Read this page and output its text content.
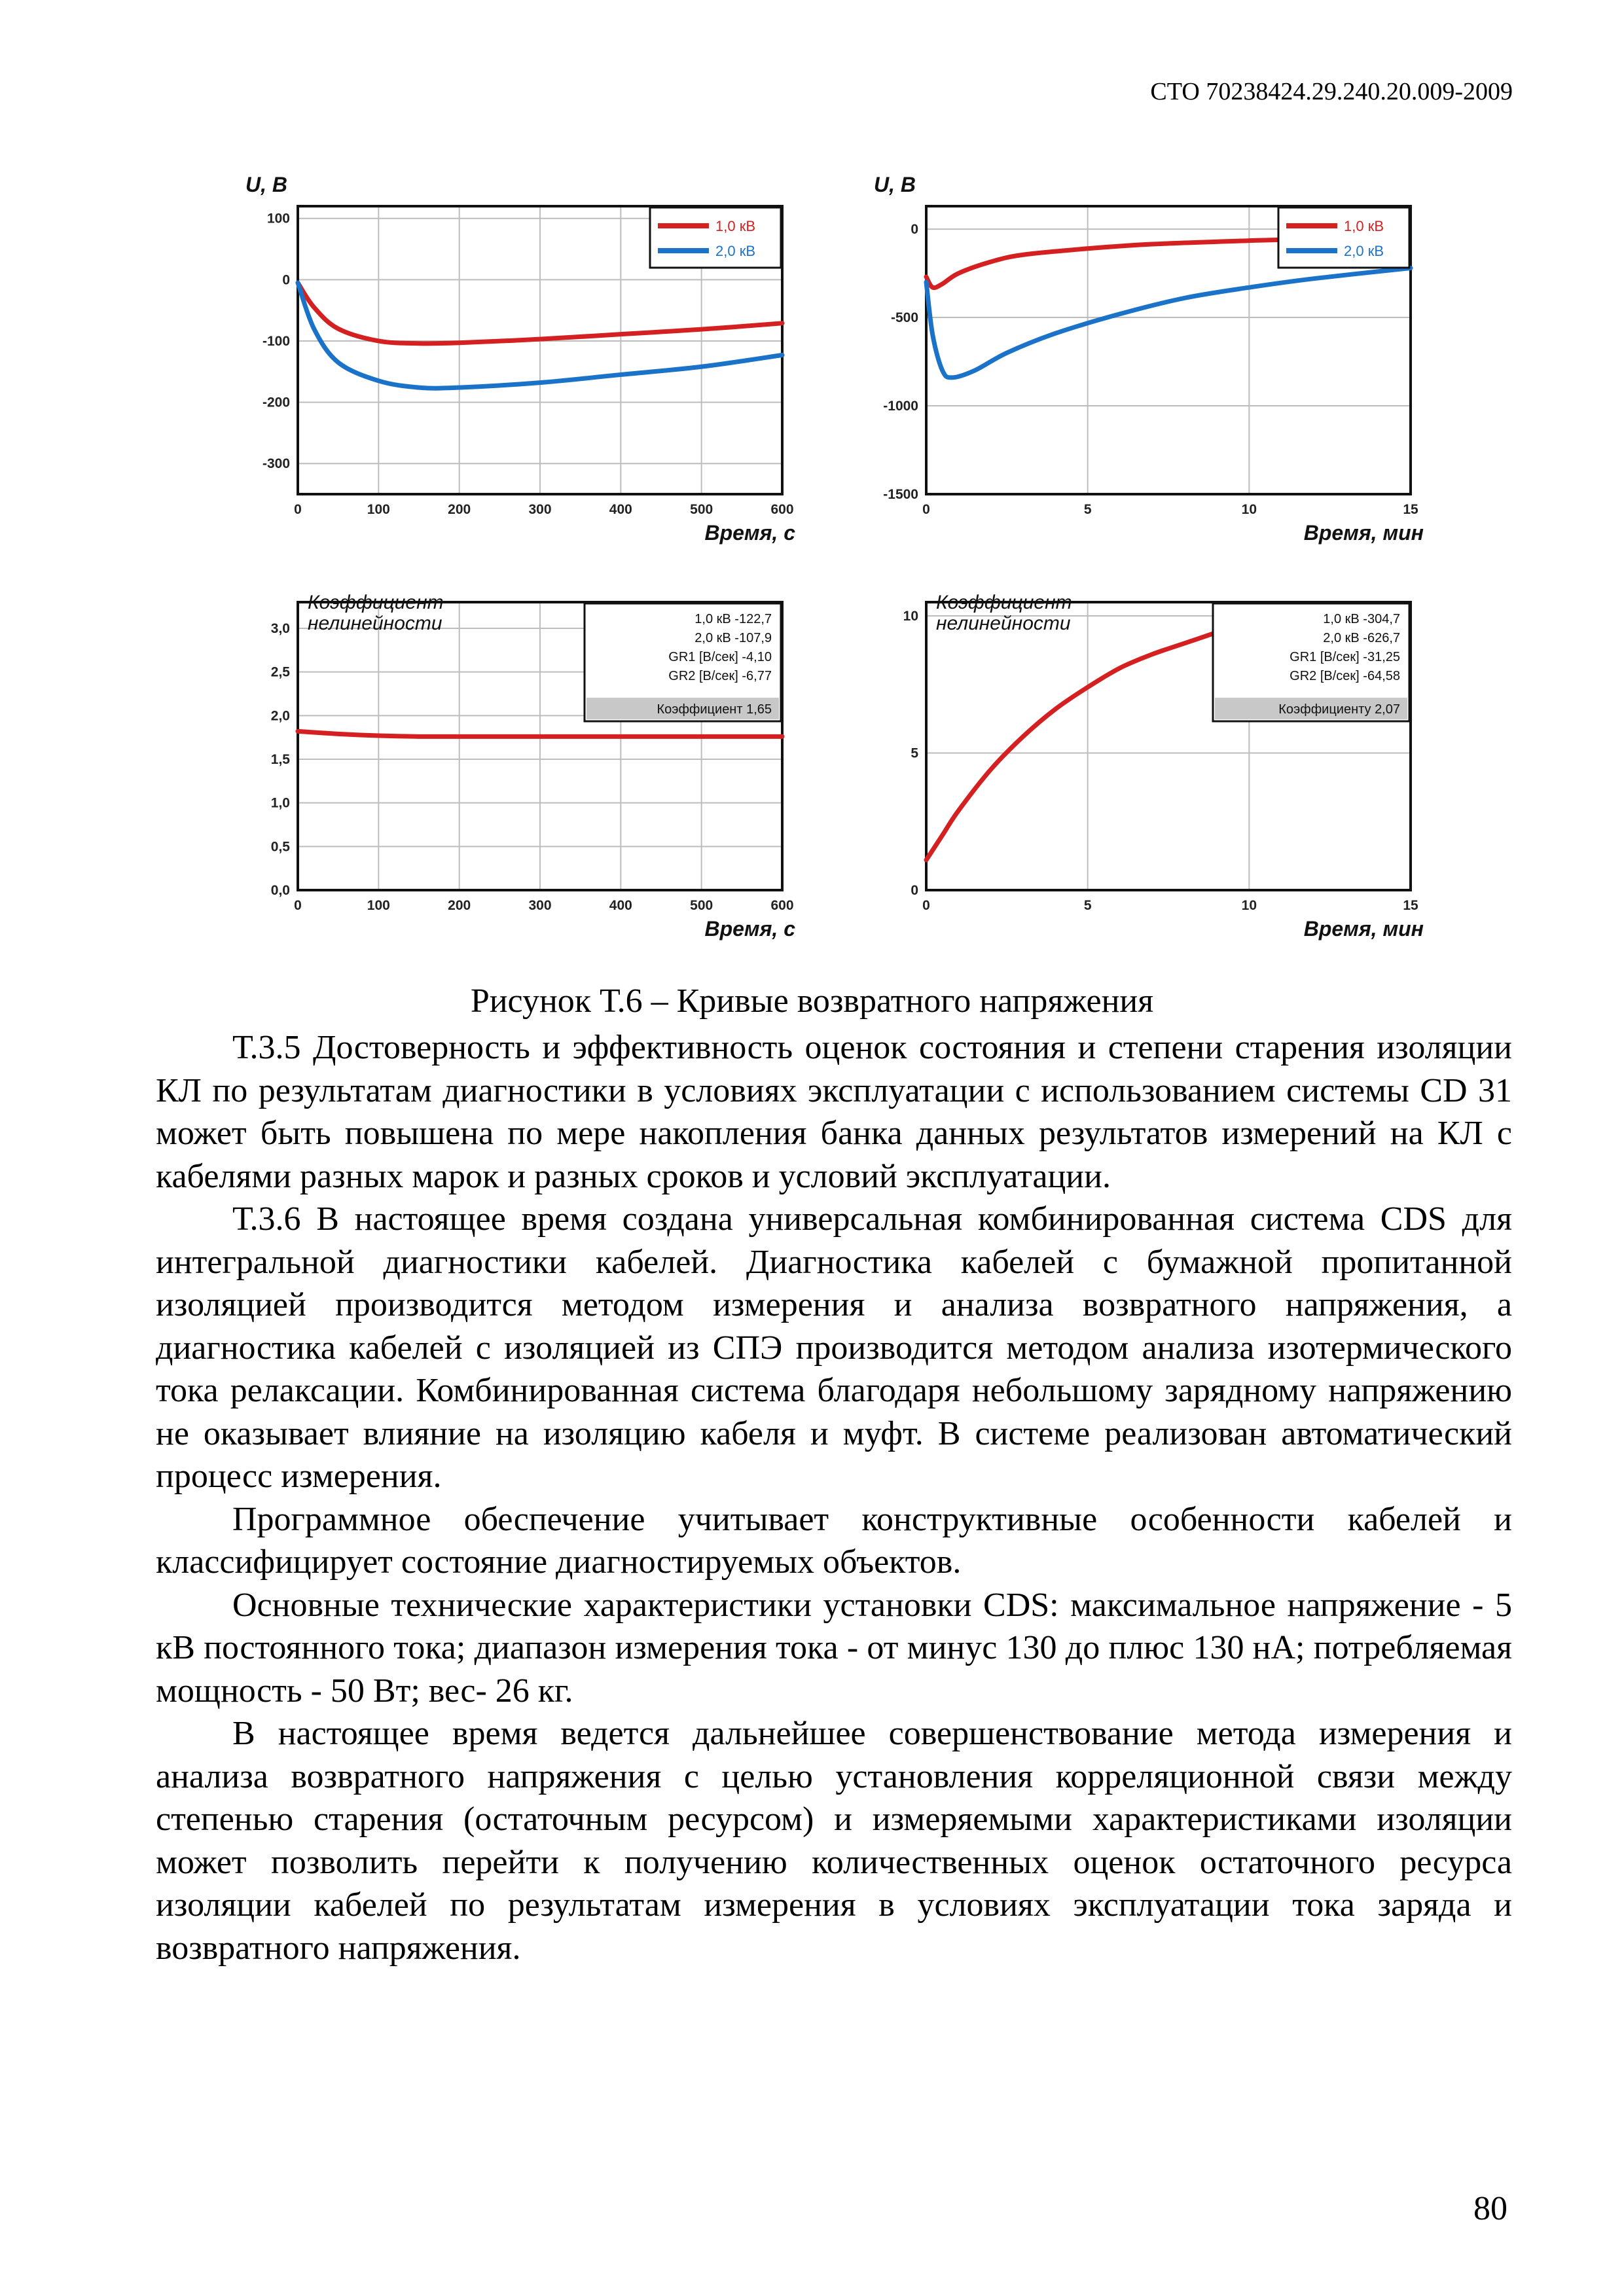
СТО 70238424.29.240.20.009-2009
0	100	200	300	400	500	600
100
0
-100
-200
-300
U, В
Время, с
1,0 кВ
2,0 кВ
0	5	10	15
0
-500
-1000
-1500
U, В
Время, мин
1,0 кВ
2,0 кВ
0	100	200	300	400	500	600
0,0
0,5
1,0
1,5
2,0
2,5
3,0
Коэффициент
нелинейности
Время, с
1,0 кВ -122,7
2,0 кВ -107,9
GR1 [В/сек] -4,10
GR2 [В/сек] -6,77
Коэффициент 1,65
0	5	10	15
0
5
10
Коэффициент
нелинейности
Время, мин
1,0 кВ -304,7
2,0 кВ -626,7
GR1 [В/сек] -31,25
GR2 [В/сек] -64,58
Коэффициенту 2,07
Рисунок Т.6 – Кривые возвратного напряжения

Т.3.5 Достоверность и эффективность оценок состояния и степени старения изоляции КЛ по результатам диагностики в условиях эксплуатации с использованием системы CD 31 может быть повышена по мере накопления банка данных результатов измерений на КЛ с кабелями разных марок и разных сроков и условий эксплуатации.

Т.3.6 В настоящее время создана универсальная комбинированная система CDS для интегральной диагностики кабелей. Диагностика кабелей с бумажной пропитанной изоляцией производится методом измерения и анализа возвратного напряжения, а диагностика кабелей с изоляцией из СПЭ производится методом анализа изотермического тока релаксации. Комбинированная система благодаря небольшому зарядному напряжению не оказывает влияние на изоляцию кабеля и муфт. В системе реализован автоматический процесс измерения.

Программное обеспечение учитывает конструктивные особенности кабелей и классифицирует состояние диагностируемых объектов.

Основные технические характеристики установки CDS: максимальное напряжение - 5 кВ постоянного тока; диапазон измерения тока - от минус 130 до плюс 130 нА; потребляемая мощность - 50 Вт; вес- 26 кг.

В настоящее время ведется дальнейшее совершенствование метода измерения и анализа возвратного напряжения с целью установления корреляционной связи между степенью старения (остаточным ресурсом) и измеряемыми характеристиками изоляции может позволить перейти к получению количественных оценок остаточного ресурса изоляции кабелей по результатам измерения в условиях эксплуатации тока заряда и возвратного напряжения.

80
